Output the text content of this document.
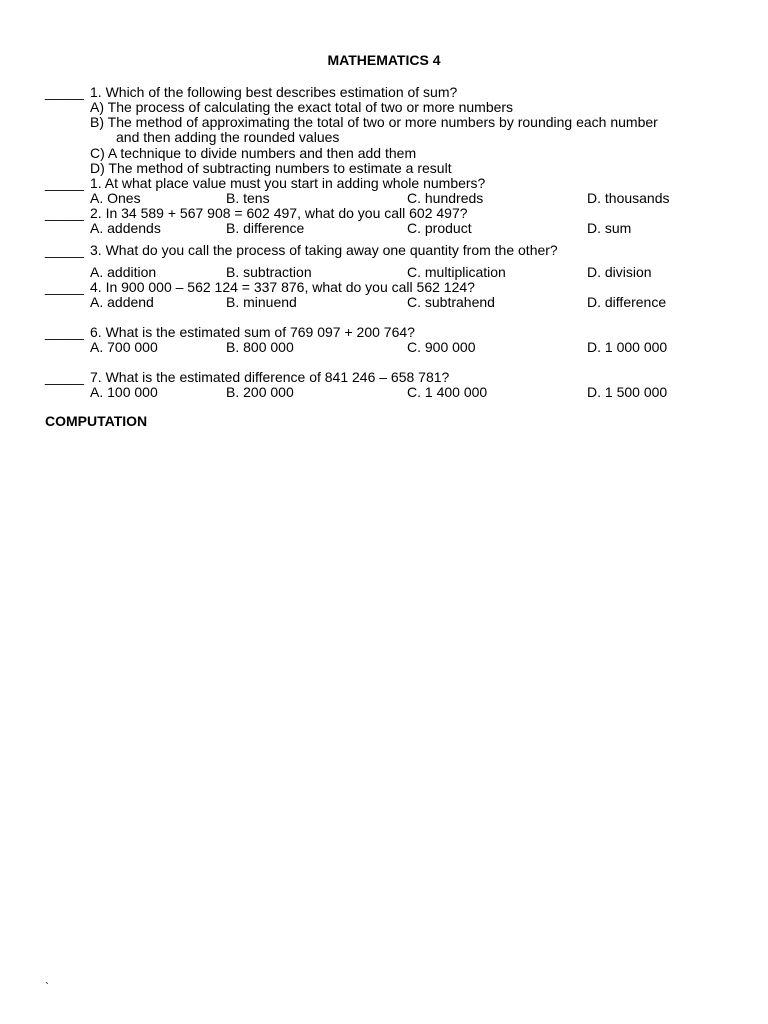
MATHEMATICS 4
_____ 1. Which of the following best describes estimation of sum?
A) The process of calculating the exact total of two or more numbers
B) The method of approximating the total of two or more numbers by rounding each number
and then adding the rounded values
C) A technique to divide numbers and then add them
D) The method of subtracting numbers to estimate a result
_____ 1. At what place value must you start in adding whole numbers?
A. Ones	B. tens	C. hundreds	D. thousands
_____ 2. In 34 589 + 567 908 = 602 497, what do you call 602 497?
A. addends	B. difference	C. product	D. sum
_____ 3. What do you call the process of taking away one quantity from the other?
A. addition	B. subtraction	C. multiplication	D. division
_____ 4. In 900 000 – 562 124 = 337 876, what do you call 562 124?
A. addend	B. minuend	C. subtrahend	D. difference
_____ 6. What is the estimated sum of 769 097 + 200 764?
A. 700 000	B. 800 000	C. 900 000	D. 1 000 000
_____ 7. What is the estimated difference of 841 246 – 658 781?
A. 100 000	B. 200 000	C. 1 400 000	D. 1 500 000
COMPUTATION
`
